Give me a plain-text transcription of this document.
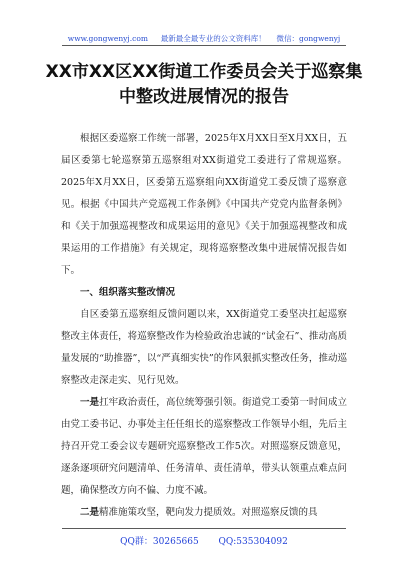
www.gongwenyj.com 最新最全最专业的公文资料库！ 微信：gongwenyj
XX市XX区XX街道工作委员会关于巡察集中整改进展情况的报告

根据区委巡察工作统一部署，2025年X月XX日至X月XX日，五届区委第七轮巡察第五巡察组对XX街道党工委进行了常规巡察。2025年X月XX日，区委第五巡察组向XX街道党工委反馈了巡察意见。根据《中国共产党巡视工作条例》《中国共产党党内监督条例》和《关于加强巡视整改和成果运用的意见》《关于加强巡视整改和成果运用的工作措施》有关规定，现将巡察整改集中进展情况报告如下。

一、组织落实整改情况

自区委第五巡察组反馈问题以来，XX街道党工委坚决扛起巡察整改主体责任，将巡察整改作为检验政治忠诚的“试金石”、推动高质量发展的“助推器”，以“严真细实快”的作风狠抓实整改任务，推动巡察整改走深走实、见行见效。

一是扛牢政治责任，高位统筹强引领。街道党工委第一时间成立由党工委书记、办事处主任任组长的巡察整改工作领导小组，先后主持召开党工委会议专题研究巡察整改工作5次。对照巡察反馈意见，逐条逐项研究问题清单、任务清单、责任清单，带头认领重点难点问题，确保整改方向不偏、力度不减。

二是精准施策攻坚，靶向发力提质效。对照巡察反馈的具

QQ群：30265665 QQ:535304092
